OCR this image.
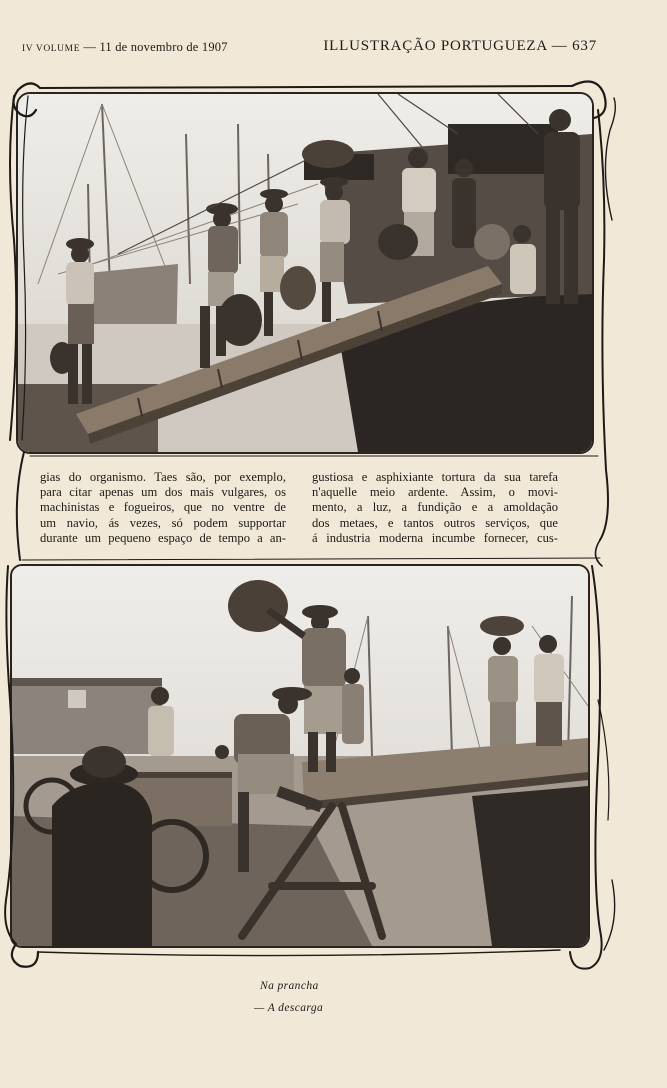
IV VOLUME — 11 de novembro de 1907	ILLUSTRAÇÃO PORTUGUEZA — 637
gias do organismo. Taes são, por exemplo,
para citar apenas um dos mais vulgares, os
machinistas e fogueiros, que no ventre de
um navio, ás vezes, só podem supportar
durante um pequeno espaço de tempo a an-
gustiosa e asphixiante tortura da sua tarefa
n'aquelle meio ardente. Assim, o movi-
mento, a luz, a fundição e a amoldação
dos metaes, e tantos outros serviços, que
á industria moderna incumbe fornecer, cus-
Na prancha
— A descarga
